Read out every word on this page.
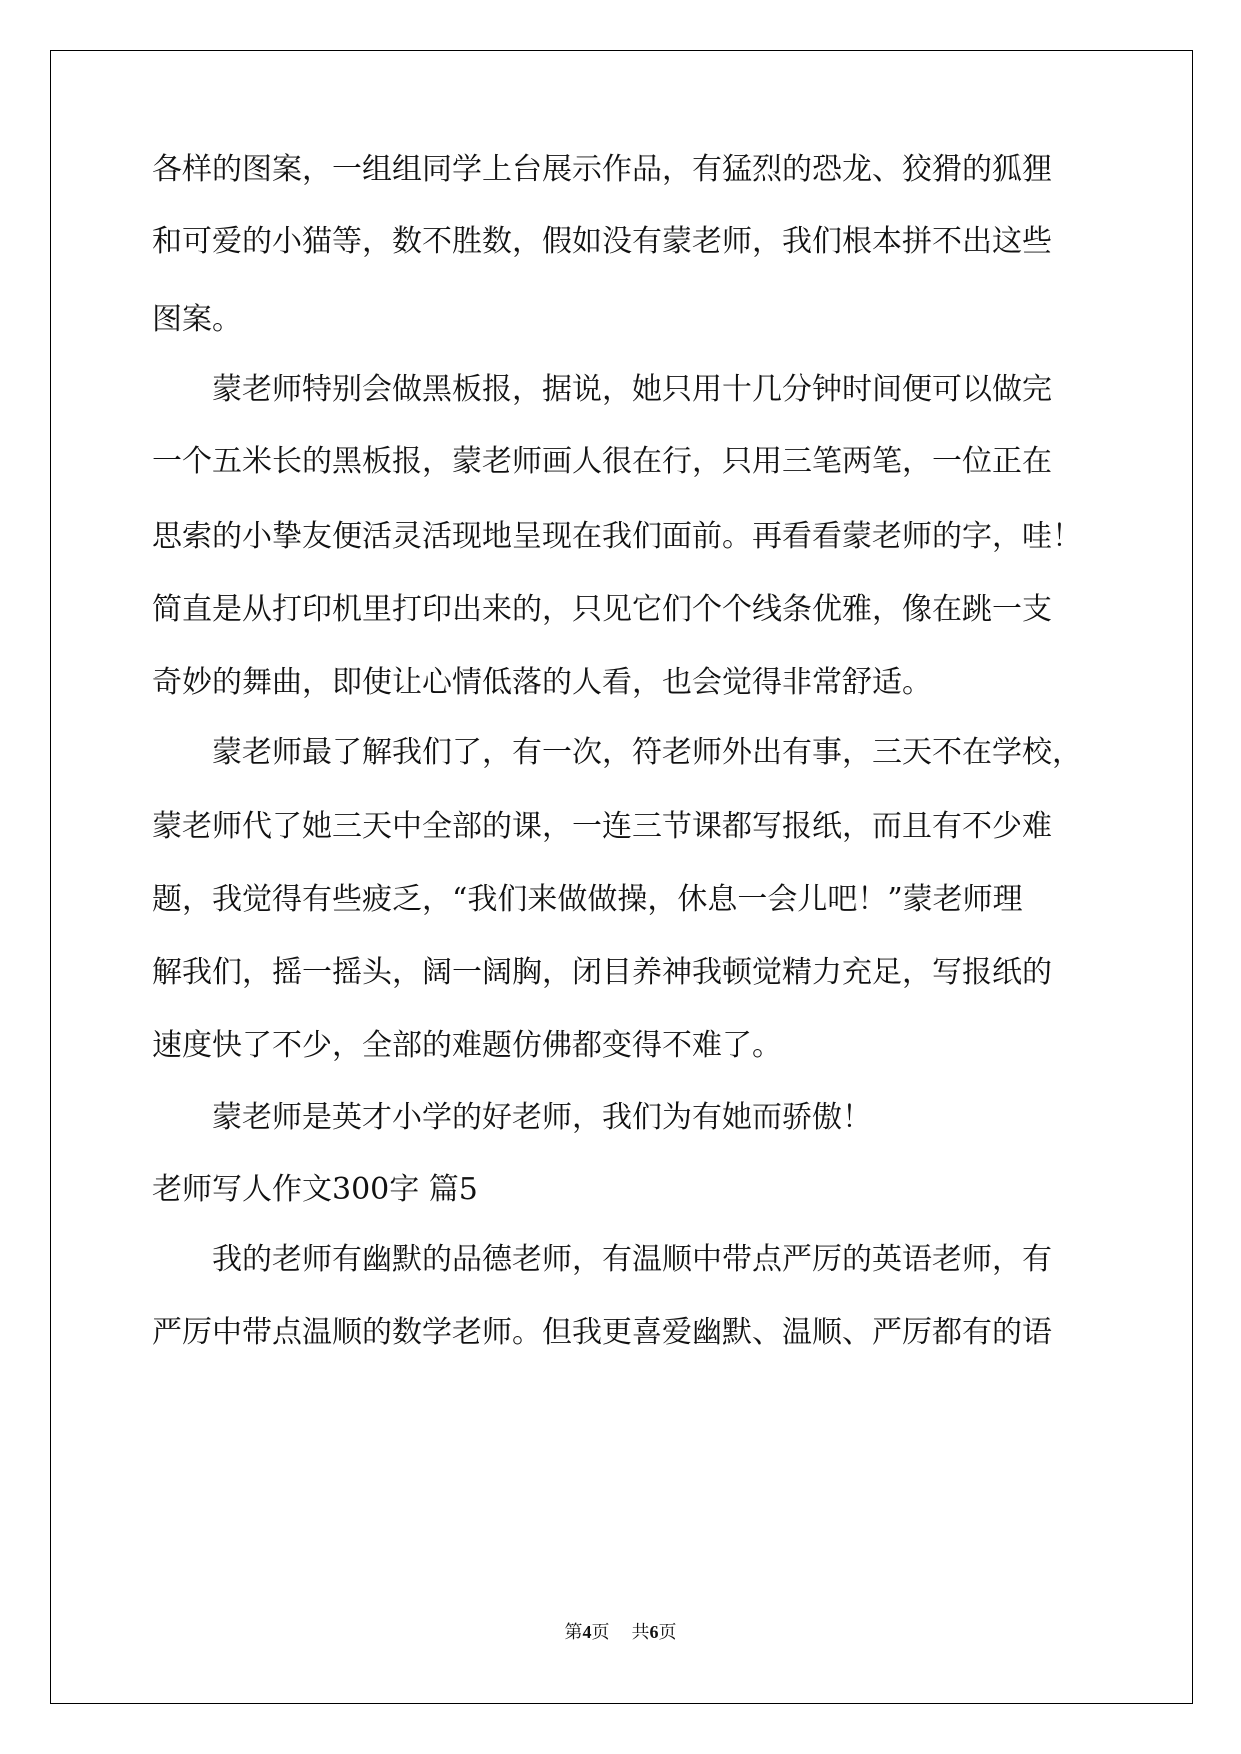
各样的图案，一组组同学上台展示作品，有猛烈的恐龙、狡猾的狐狸
和可爱的小猫等，数不胜数，假如没有蒙老师，我们根本拼不出这些
图案。
蒙老师特别会做黑板报，据说，她只用十几分钟时间便可以做完
一个五米长的黑板报，蒙老师画人很在行，只用三笔两笔，一位正在
思索的小挚友便活灵活现地呈现在我们面前。再看看蒙老师的字，哇！
简直是从打印机里打印出来的，只见它们个个线条优雅，像在跳一支
奇妙的舞曲，即使让心情低落的人看，也会觉得非常舒适。
蒙老师最了解我们了，有一次，符老师外出有事，三天不在学校，
蒙老师代了她三天中全部的课，一连三节课都写报纸，而且有不少难
题，我觉得有些疲乏，“我们来做做操，休息一会儿吧！”蒙老师理
解我们，摇一摇头，阔一阔胸，闭目养神我顿觉精力充足，写报纸的
速度快了不少，全部的难题仿佛都变得不难了。
蒙老师是英才小学的好老师，我们为有她而骄傲！
老师写人作文300字 篇5
我的老师有幽默的品德老师，有温顺中带点严厉的英语老师，有
严厉中带点温顺的数学老师。但我更喜爱幽默、温顺、严厉都有的语
第4页 共6页
